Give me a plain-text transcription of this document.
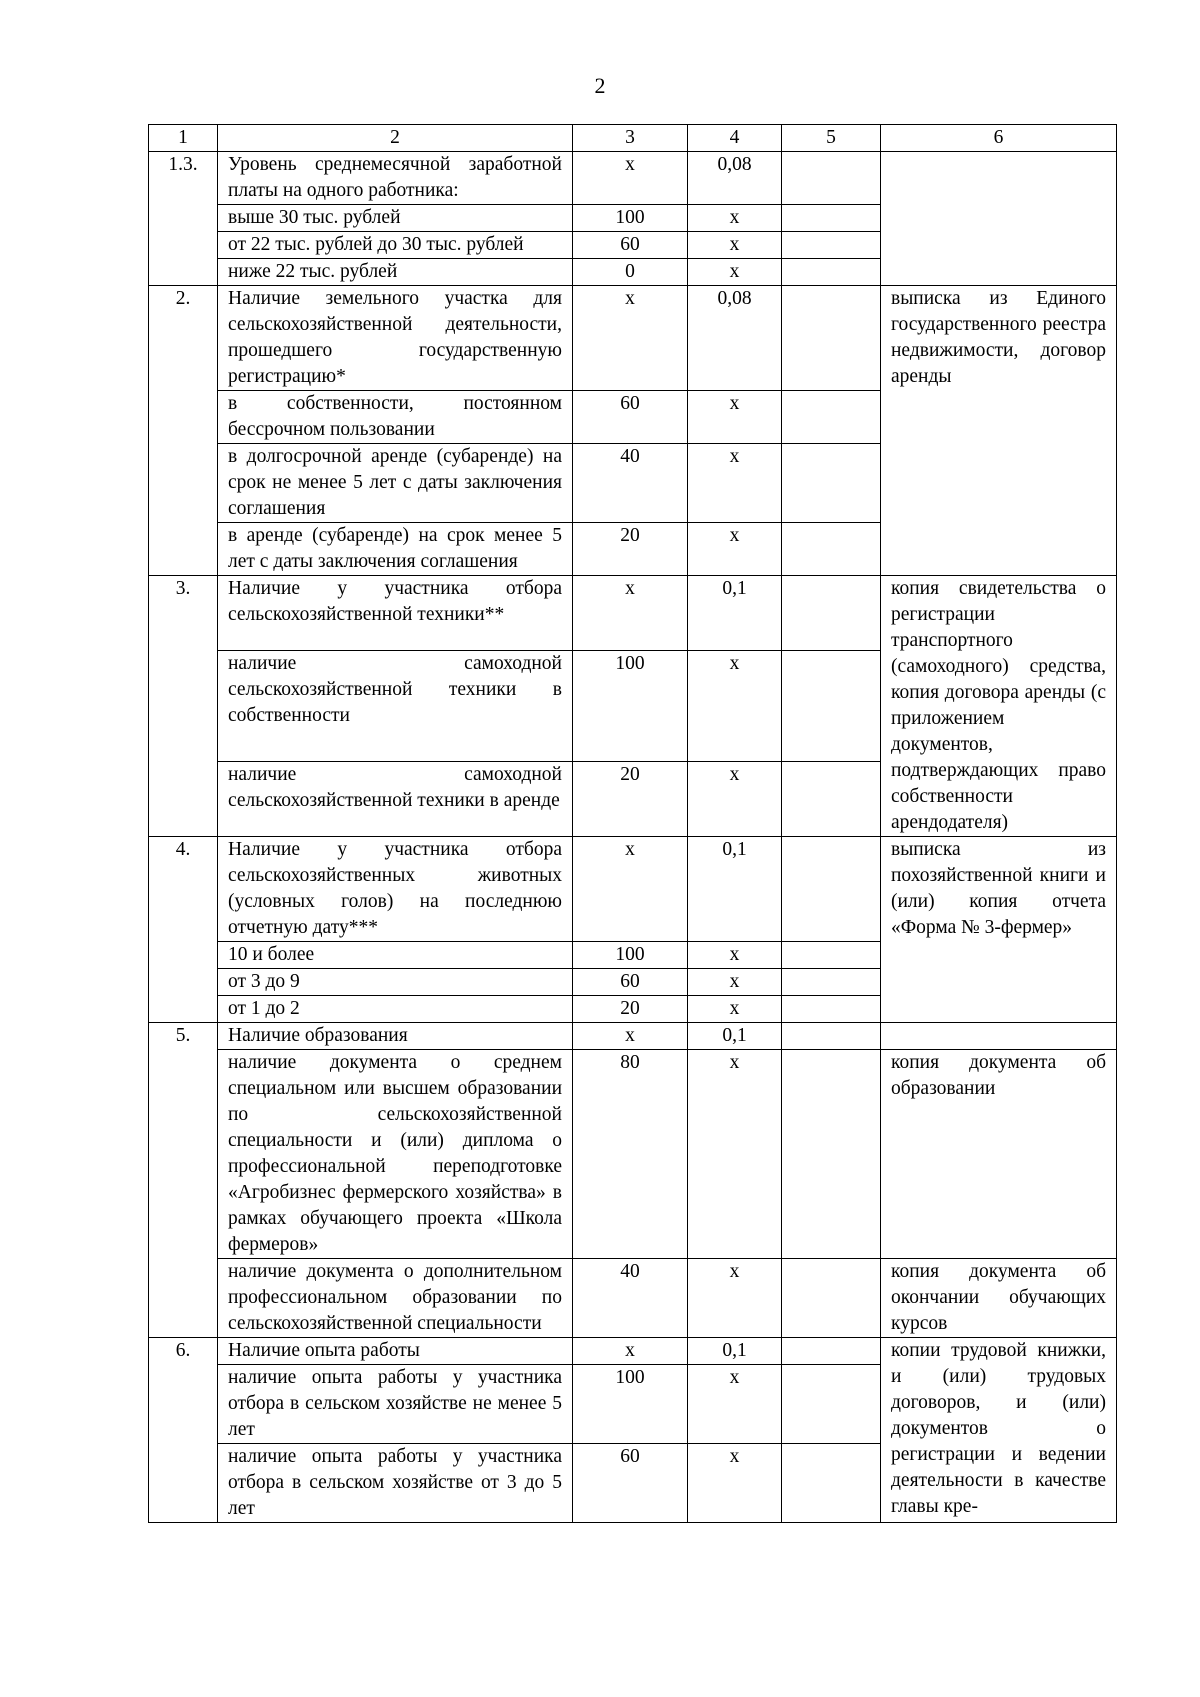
2
1	2	3	4	5	6
1.3.	Уровень среднемесячной заработной платы на одного работника:	х	0,08		
	выше 30 тыс. рублей	100	х		
	от 22 тыс. рублей до 30 тыс. рублей	60	х		
	ниже 22 тыс. рублей	0	х		
2.	Наличие земельного участка для сельскохозяйственной деятельности, прошедшего государственную регистрацию*	х	0,08		выписка из Единого государственного реестра недвижимости, договор аренды
	в собственности, постоянном бессрочном пользовании	60	х		
	в долгосрочной аренде (субаренде) на срок не менее 5 лет с даты заключения соглашения	40	х		
	в аренде (субаренде) на срок менее 5 лет с даты заключения соглашения	20	х		
3.	Наличие у участника отбора сельскохозяйственной техники**	х	0,1		копия свидетельства о регистрации транспортного (самоходного) средства, копия договора аренды (с приложением документов, подтверждающих право собственности арендодателя)
	наличие самоходной сельскохозяйственной техники в собственности	100	х		
	наличие самоходной сельскохозяйственной техники в аренде	20	х		
4.	Наличие у участника отбора сельскохозяйственных животных (условных голов) на последнюю отчетную дату***	х	0,1		выписка из похозяйственной книги и (или) копия отчета «Форма № 3-фермер»
	10 и более	100	х		
	от 3 до 9	60	х		
	от 1 до 2	20	х		
5.	Наличие образования	х	0,1		
	наличие документа о среднем специальном или высшем образовании по сельскохозяйственной специальности и (или) диплома о профессиональной переподготовке «Агробизнес фермерского хозяйства» в рамках обучающего проекта «Школа фермеров»	80	х		копия документа об образовании
	наличие документа о дополнительном профессиональном образовании по сельскохозяйственной специальности	40	х		копия документа об окончании обучающих курсов
6.	Наличие опыта работы	х	0,1		копии трудовой книжки, и (или) трудовых договоров, и (или) документов о регистрации и ведении деятельности в качестве главы кре-
	наличие опыта работы у участника отбора в сельском хозяйстве не менее 5 лет	100	х		
	наличие опыта работы у участника отбора в сельском хозяйстве от 3 до 5 лет	60	х		
